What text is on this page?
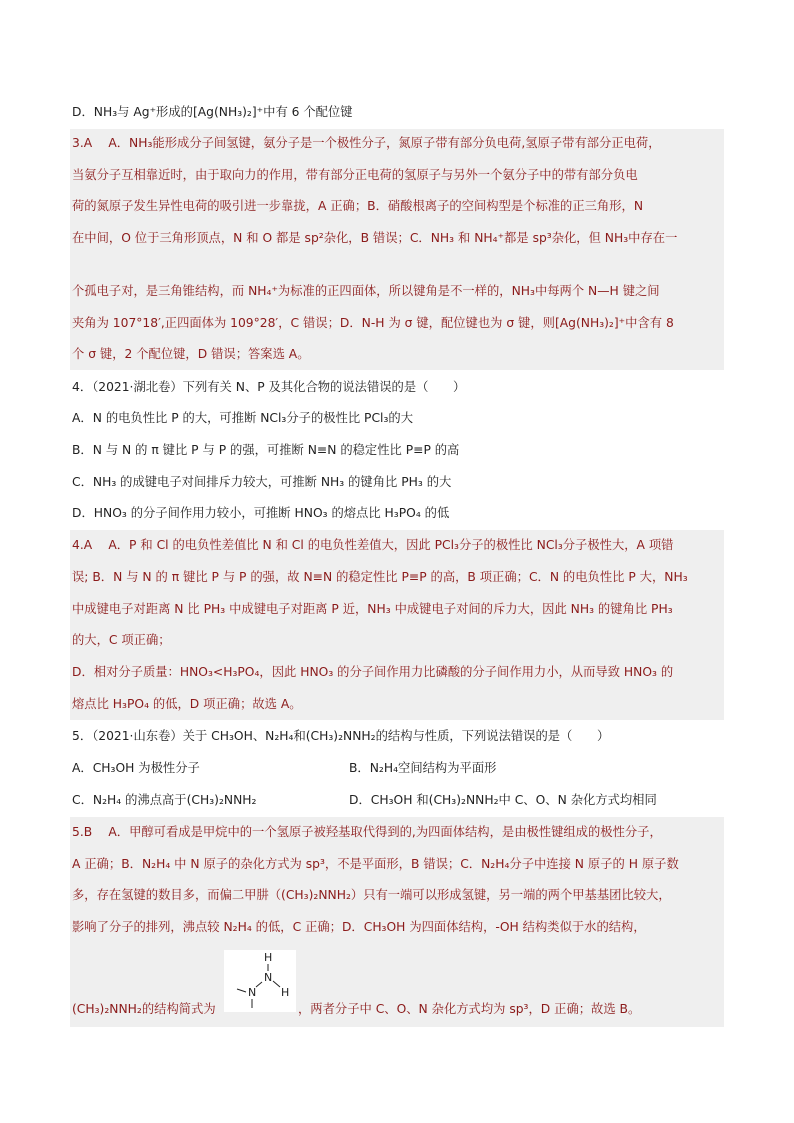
D．NH₃与 Ag⁺形成的[Ag(NH₃)₂]⁺中有 6 个配位键
3.A　 A．NH₃能形成分子间氢键，氨分子是一个极性分子，氮原子带有部分负电荷,氢原子带有部分正电荷，
当氨分子互相靠近时，由于取向力的作用，带有部分正电荷的氢原子与另外一个氨分子中的带有部分负电
荷的氮原子发生异性电荷的吸引进一步靠拢，A 正确；B．硝酸根离子的空间构型是个标准的正三角形，N
在中间，O 位于三角形顶点，N 和 O 都是 sp²杂化，B 错误；C．NH₃ 和 NH₄⁺都是 sp³杂化，但 NH₃中存在一
个孤电子对，是三角锥结构，而 NH₄⁺为标准的正四面体，所以键角是不一样的，NH₃中每两个 N—H 键之间
夹角为 107°18′,正四面体为 109°28′，C 错误；D．N-H 为 σ 键，配位键也为 σ 键，则[Ag(NH₃)₂]⁺中含有 8
个 σ 键，2 个配位键，D 错误；答案选 A。
4．（2021·湖北卷）下列有关 N、P 及其化合物的说法错误的是（　　）
A．N 的电负性比 P 的大，可推断 NCl₃分子的极性比 PCl₃的大
B．N 与 N 的 π 键比 P 与 P 的强，可推断 N≡N 的稳定性比 P≡P 的高
C．NH₃ 的成键电子对间排斥力较大，可推断 NH₃ 的键角比 PH₃ 的大
D．HNO₃ 的分子间作用力较小，可推断 HNO₃ 的熔点比 H₃PO₄ 的低
4.A　 A．P 和 Cl 的电负性差值比 N 和 Cl 的电负性差值大，因此 PCl₃分子的极性比 NCl₃分子极性大，A 项错
误; B．N 与 N 的 π 键比 P 与 P 的强，故 N≡N 的稳定性比 P≡P 的高，B 项正确；C．N 的电负性比 P 大，NH₃
中成键电子对距离 N 比 PH₃ 中成键电子对距离 P 近，NH₃ 中成键电子对间的斥力大，因此 NH₃ 的键角比 PH₃
的大，C 项正确；
D．相对分子质量：HNO₃<H₃PO₄，因此 HNO₃ 的分子间作用力比磷酸的分子间作用力小，从而导致 HNO₃ 的
熔点比 H₃PO₄ 的低，D 项正确；故选 A。
5．（2021·山东卷）关于 CH₃OH、N₂H₄和(CH₃)₂NNH₂的结构与性质，下列说法错误的是（　　）
A．CH₃OH 为极性分子	B．N₂H₄空间结构为平面形
C．N₂H₄ 的沸点高于(CH₃)₂NNH₂	D．CH₃OH 和(CH₃)₂NNH₂中 C、O、N 杂化方式均相同
5.B　 A．甲醇可看成是甲烷中的一个氢原子被羟基取代得到的,为四面体结构，是由极性键组成的极性分子，
A 正确；B．N₂H₄ 中 N 原子的杂化方式为 sp³，不是平面形，B 错误；C．N₂H₄分子中连接 N 原子的 H 原子数
多，存在氢键的数目多，而偏二甲肼（(CH₃)₂NNH₂）只有一端可以形成氢键，另一端的两个甲基基团比较大，
影响了分子的排列，沸点较 N₂H₄ 的低，C 正确；D．CH₃OH 为四面体结构，-OH 结构类似于水的结构，
(CH₃)₂NNH₂的结构简式为
H
N
N H
，两者分子中 C、O、N 杂化方式均为 sp³，D 正确；故选 B。
